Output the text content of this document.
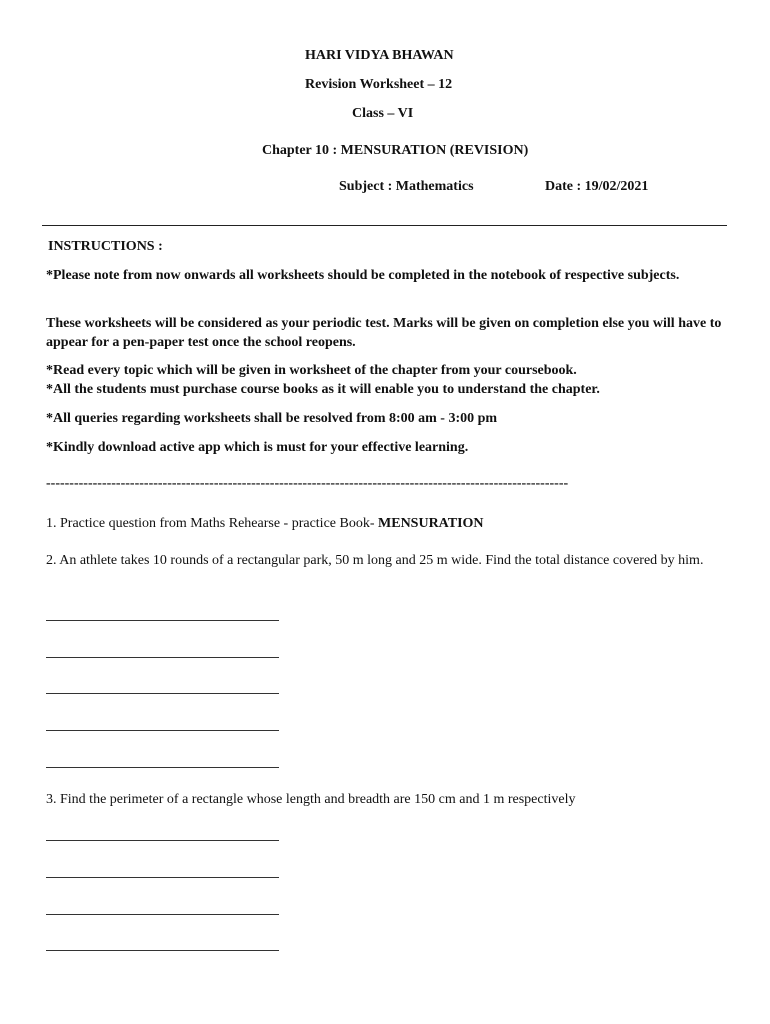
HARI VIDYA BHAWAN
Revision Worksheet – 12
Class – VI
Chapter 10 : MENSURATION (REVISION)
Subject : Mathematics	Date : 19/02/2021
INSTRUCTIONS :
*Please note from now onwards all worksheets should be completed in the notebook of respective subjects.
These worksheets will be considered as your periodic test. Marks will be given on completion else you will have to appear for a pen-paper test once the school reopens.
*Read every topic which will be given in worksheet of the chapter from your coursebook.
*All the students must purchase course books as it will enable you to understand the chapter.
*All queries regarding worksheets shall be resolved from 8:00 am - 3:00 pm
*Kindly download active app which is must for your effective learning.
----------------------------------------------------------------------------------------------------------------
1. Practice question from Maths Rehearse - practice Book- MENSURATION
2. An athlete takes 10 rounds of a rectangular park, 50 m long and 25 m wide. Find the total distance covered by him.
3. Find the perimeter of a rectangle whose length and breadth are 150 cm and 1 m respectively
